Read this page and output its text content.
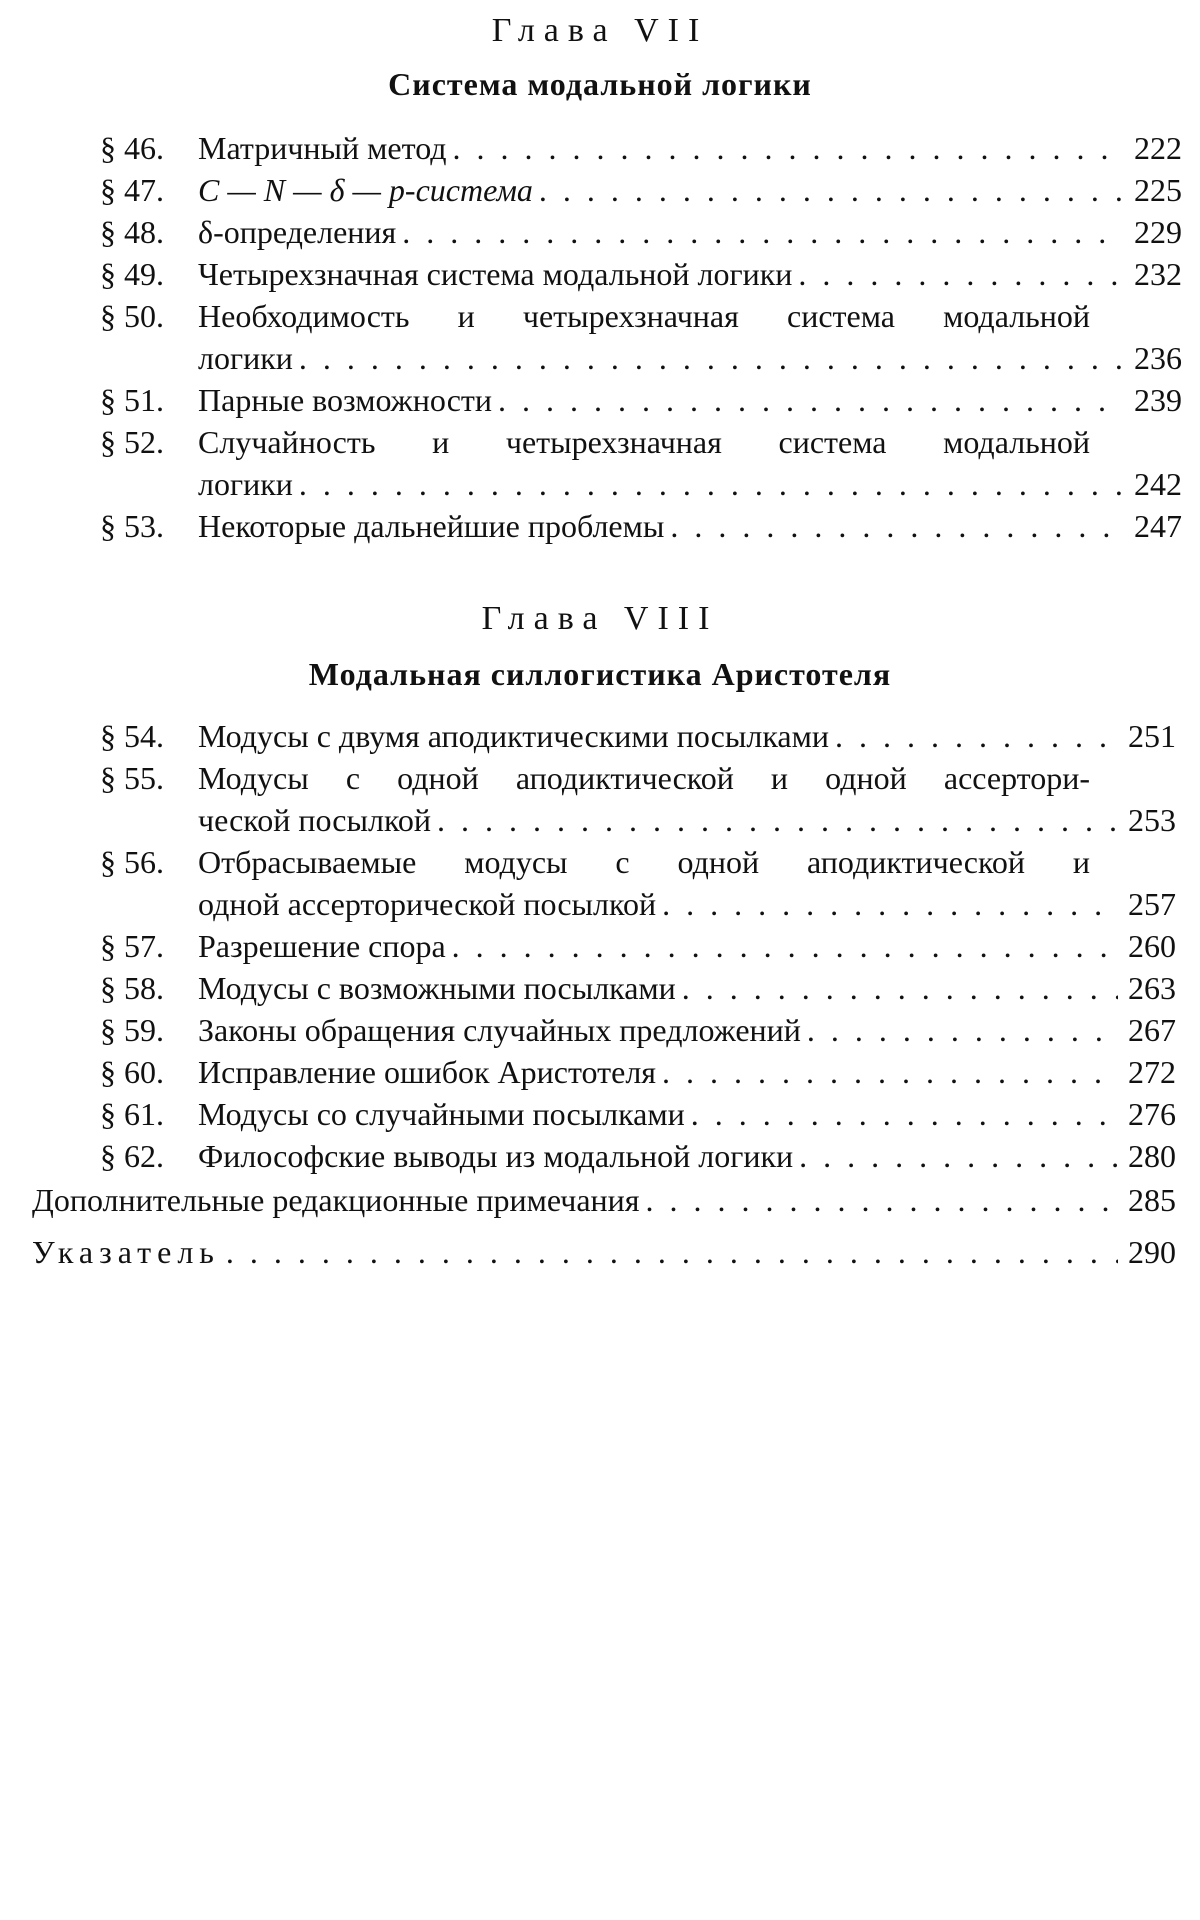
Глава VII
Система модальной логики
§ 46. Матричный метод . . .	222
§ 47. C — N — δ — p-система . . .	225
§ 48. δ-определения . . .	229
§ 49. Четырехзначная система модальной логики . . .	232
§ 50. Необходимость и четырехзначная система модальной
логики . . .	236
§ 51. Парные возможности . . .	239
§ 52. Случайность и четырехзначная система модальной
логики . . .	242
§ 53. Некоторые дальнейшие проблемы . . .	247
Глава VIII
Модальная силлогистика Аристотеля
§ 54. Модусы с двумя аподиктическими посылками . . .	251
§ 55. Модусы с одной аподиктической и одной ассертори-
ческой посылкой . . .	253
§ 56. Отбрасываемые модусы с одной аподиктической и
одной ассерторической посылкой . . .	257
§ 57. Разрешение спора . . .	260
§ 58. Модусы с возможными посылками . . .	263
§ 59. Законы обращения случайных предложений . . .	267
§ 60. Исправление ошибок Аристотеля . . .	272
§ 61. Модусы со случайными посылками . . .	276
§ 62. Философские выводы из модальной логики . . .	280
Дополнительные редакционные примечания . . .	285
Указатель . . .	290
